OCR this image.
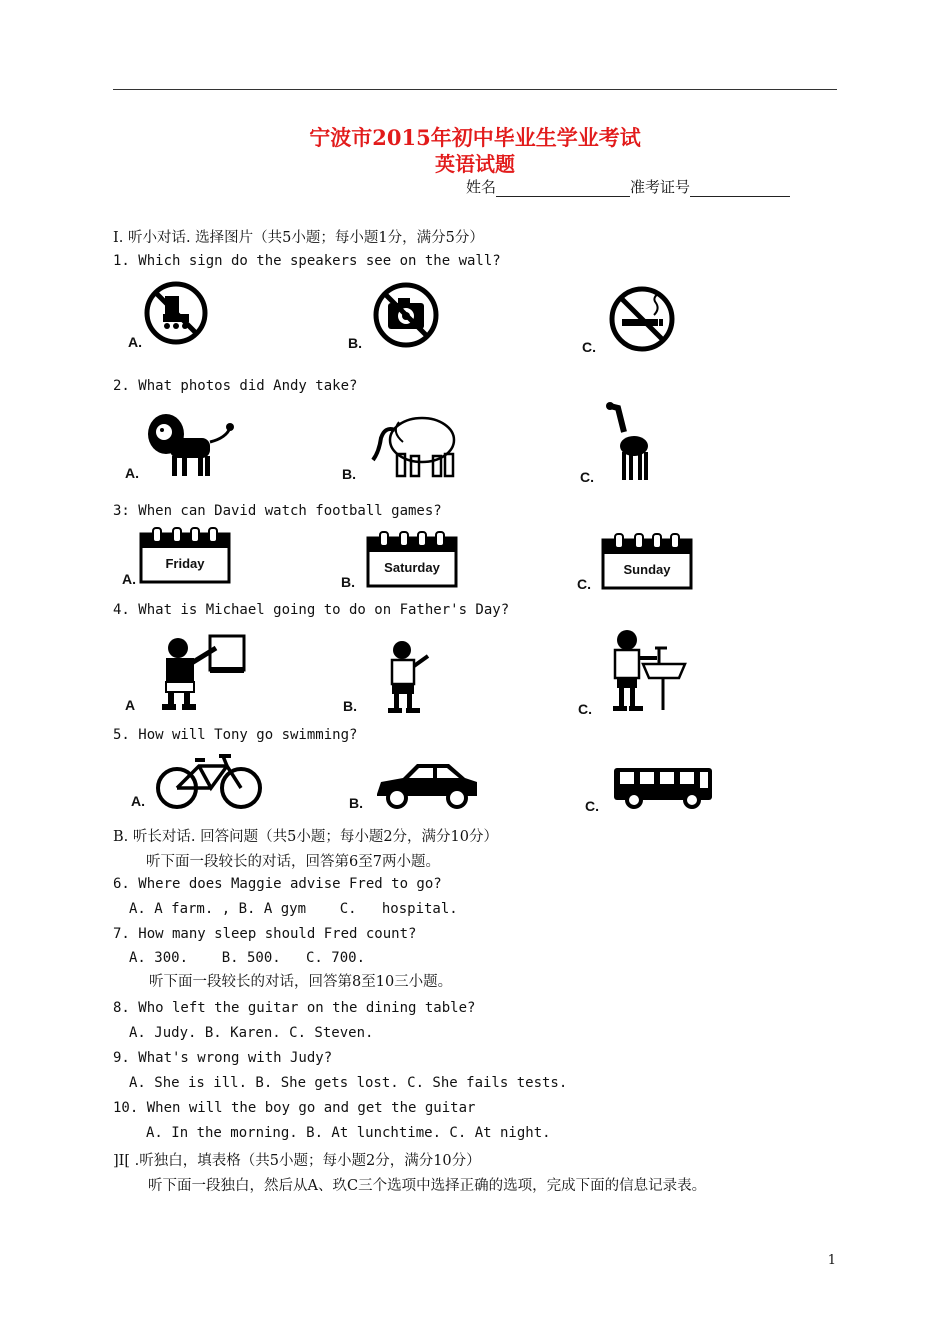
宁波市2015年初中毕业生学业考试
英语试题
姓名	准考证号
I. 听小对话. 选择图片（共5小题；每小题1分，满分5分）
1. Which sign do the speakers see on the wall?
A.	B.	C.
2. What photos did Andy take?
A.	B.	C.
3: When can David watch football games?
Friday
A.
Saturday
B.
Sunday
C.
4. What is Michael going to do on Father's Day?
A	B.	C.
5. How will Tony go swimming?
A.	B.	C.
B. 听长对话. 回答问题（共5小题；每小题2分，满分10分）
听下面一段较长的对话，回答第6至7两小题。
6. Where does Maggie advise Fred to go?
A. A farm. , B. A gym    C.   hospital.
7. How many sleep should Fred count?
A. 300.    B. 500.   C. 700.
听下面一段较长的对话，回答第8至10三小题。
8. Who left the guitar on the dining table?
A. Judy. B. Karen. C. Steven.
9. What's wrong with Judy?
A. She is ill. B. She gets lost. C. She fails tests.
10. When will the boy go and get the guitar
A. In the morning. B. At lunchtime. C. At night.
]I[ .听独白，填表格（共5小题；每小题2分，满分10分）
听下面一段独白，然后从A、玖C三个选项中选择正确的选项，完成下面的信息记录表。
1
